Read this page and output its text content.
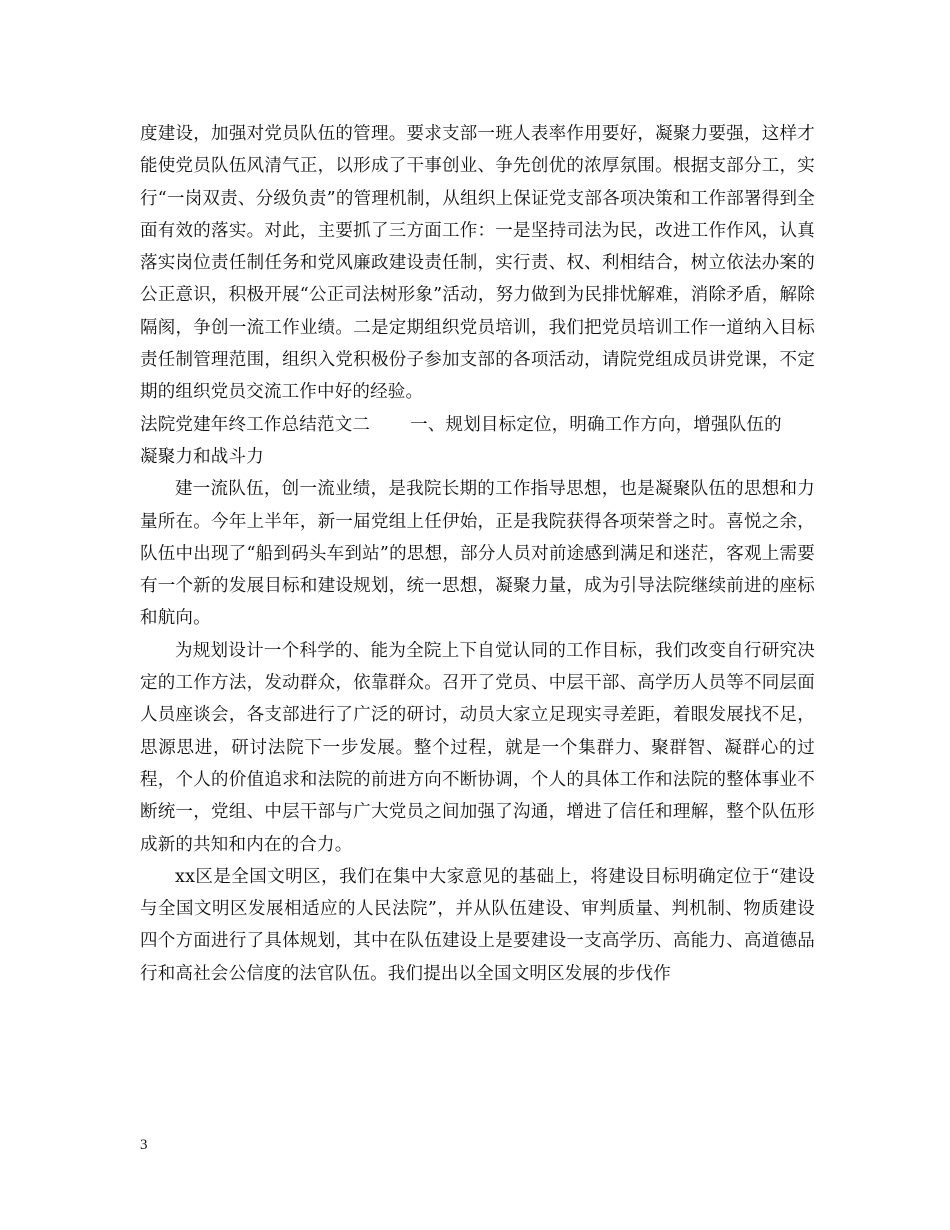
度建设，加强对党员队伍的管理。要求支部一班人表率作用要好，凝聚力要强，这样才能使党员队伍风清气正，以形成了干事创业、争先创优的浓厚氛围。根据支部分工，实行“一岗双责、分级负责”的管理机制，从组织上保证党支部各项决策和工作部署得到全面有效的落实。对此，主要抓了三方面工作：一是坚持司法为民，改进工作作风，认真落实岗位责任制任务和党风廉政建设责任制，实行责、权、利相结合，树立依法办案的公正意识，积极开展“公正司法树形象”活动，努力做到为民排忧解难，消除矛盾，解除隔阂，争创一流工作业绩。二是定期组织党员培训，我们把党员培训工作一道纳入目标责任制管理范围，组织入党积极份子参加支部的各项活动，请院党组成员讲党课，不定期的组织党员交流工作中好的经验。

法院党建年终工作总结范文二 一、规划目标定位，明确工作方向，增强队伍的

凝聚力和战斗力

建一流队伍，创一流业绩，是我院长期的工作指导思想，也是凝聚队伍的思想和力量所在。今年上半年，新一届党组上任伊始，正是我院获得各项荣誉之时。喜悦之余，队伍中出现了“船到码头车到站”的思想，部分人员对前途感到满足和迷茫，客观上需要有一个新的发展目标和建设规划，统一思想，凝聚力量，成为引导法院继续前进的座标和航向。

为规划设计一个科学的、能为全院上下自觉认同的工作目标，我们改变自行研究决定的工作方法，发动群众，依靠群众。召开了党员、中层干部、高学历人员等不同层面人员座谈会，各支部进行了广泛的研讨，动员大家立足现实寻差距，着眼发展找不足，思源思进，研讨法院下一步发展。整个过程，就是一个集群力、聚群智、凝群心的过程，个人的价值追求和法院的前进方向不断协调，个人的具体工作和法院的整体事业不断统一，党组、中层干部与广大党员之间加强了沟通，增进了信任和理解，整个队伍形成新的共知和内在的合力。

xx区是全国文明区，我们在集中大家意见的基础上，将建设目标明确定位于“建设与全国文明区发展相适应的人民法院”，并从队伍建设、审判质量、判机制、物质建设四个方面进行了具体规划，其中在队伍建设上是要建设一支高学历、高能力、高道德品行和高社会公信度的法官队伍。我们提出以全国文明区发展的步伐作

3
